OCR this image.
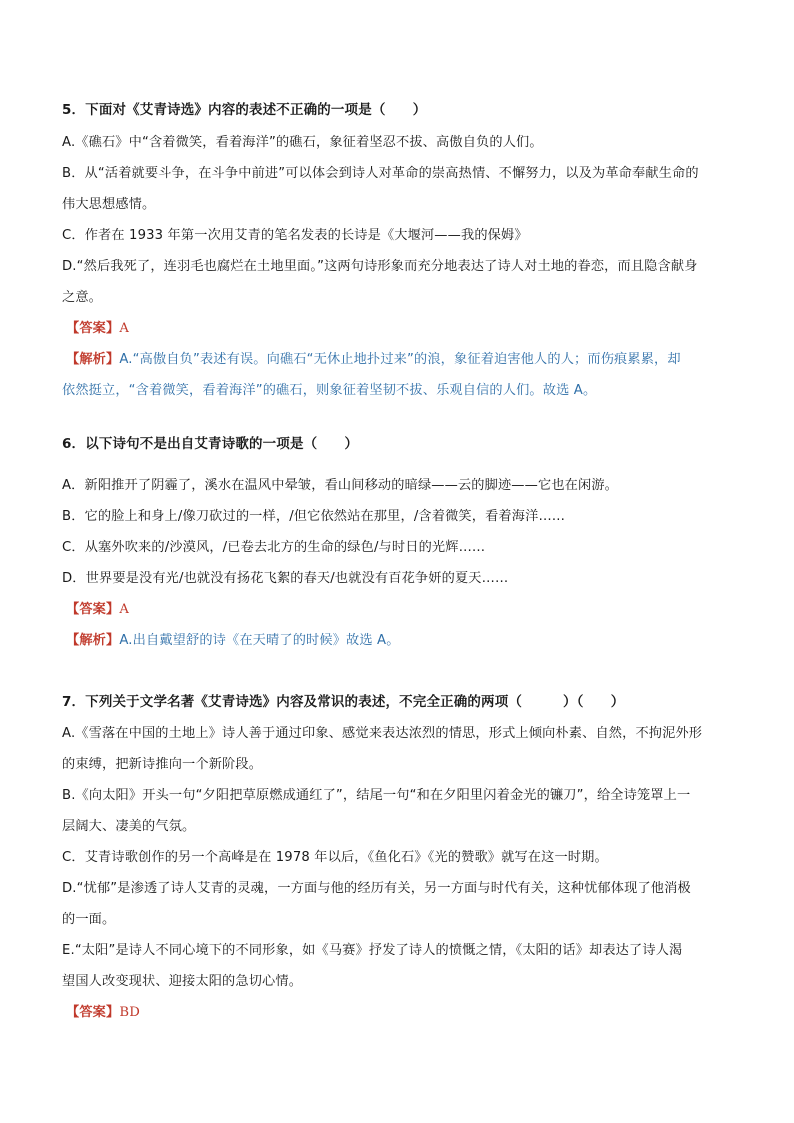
5．下面对《艾青诗选》内容的表述不正确的一项是（　　）
A.《礁石》中“含着微笑，看着海洋”的礁石，象征着坚忍不拔、高傲自负的人们。
B．从“活着就要斗争，在斗争中前进”可以体会到诗人对革命的崇高热情、不懈努力，以及为革命奉献生命的
伟大思想感情。
C．作者在 1933 年第一次用艾青的笔名发表的长诗是《大堰河——我的保姆》
D.“然后我死了，连羽毛也腐烂在土地里面。”这两句诗形象而充分地表达了诗人对土地的眷恋，而且隐含献身
之意。
【答案】A
【解析】A.“高傲自负”表述有误。向礁石“无休止地扑过来”的浪，象征着迫害他人的人；而伤痕累累，却
依然挺立，“含着微笑，看着海洋”的礁石，则象征着坚韧不拔、乐观自信的人们。故选 A。
6．以下诗句不是出自艾青诗歌的一项是（　　）
A．新阳推开了阴霾了，溪水在温风中晕皱，看山间移动的暗绿——云的脚迹——它也在闲游。
B．它的脸上和身上/像刀砍过的一样，/但它依然站在那里，/含着微笑，看着海洋……
C．从塞外吹来的/沙漠风，/已卷去北方的生命的绿色/与时日的光辉……
D．世界要是没有光/也就没有扬花飞絮的春天/也就没有百花争妍的夏天……
【答案】A
【解析】A.出自戴望舒的诗《在天晴了的时候》故选 A。
7．下列关于文学名著《艾青诗选》内容及常识的表述，不完全正确的两项（　　　）（　　）
A.《雪落在中国的土地上》诗人善于通过印象、感觉来表达浓烈的情思，形式上倾向朴素、自然，不拘泥外形
的束缚，把新诗推向一个新阶段。
B.《向太阳》开头一句“夕阳把草原燃成通红了”，结尾一句“和在夕阳里闪着金光的镰刀”，给全诗笼罩上一
层阔大、凄美的气氛。
C．艾青诗歌创作的另一个高峰是在 1978 年以后，《鱼化石》《光的赞歌》就写在这一时期。
D.“忧郁”是渗透了诗人艾青的灵魂，一方面与他的经历有关，另一方面与时代有关，这种忧郁体现了他消极
的一面。
E.“太阳”是诗人不同心境下的不同形象，如《马赛》抒发了诗人的愤慨之情，《太阳的话》却表达了诗人渴
望国人改变现状、迎接太阳的急切心情。
【答案】BD
